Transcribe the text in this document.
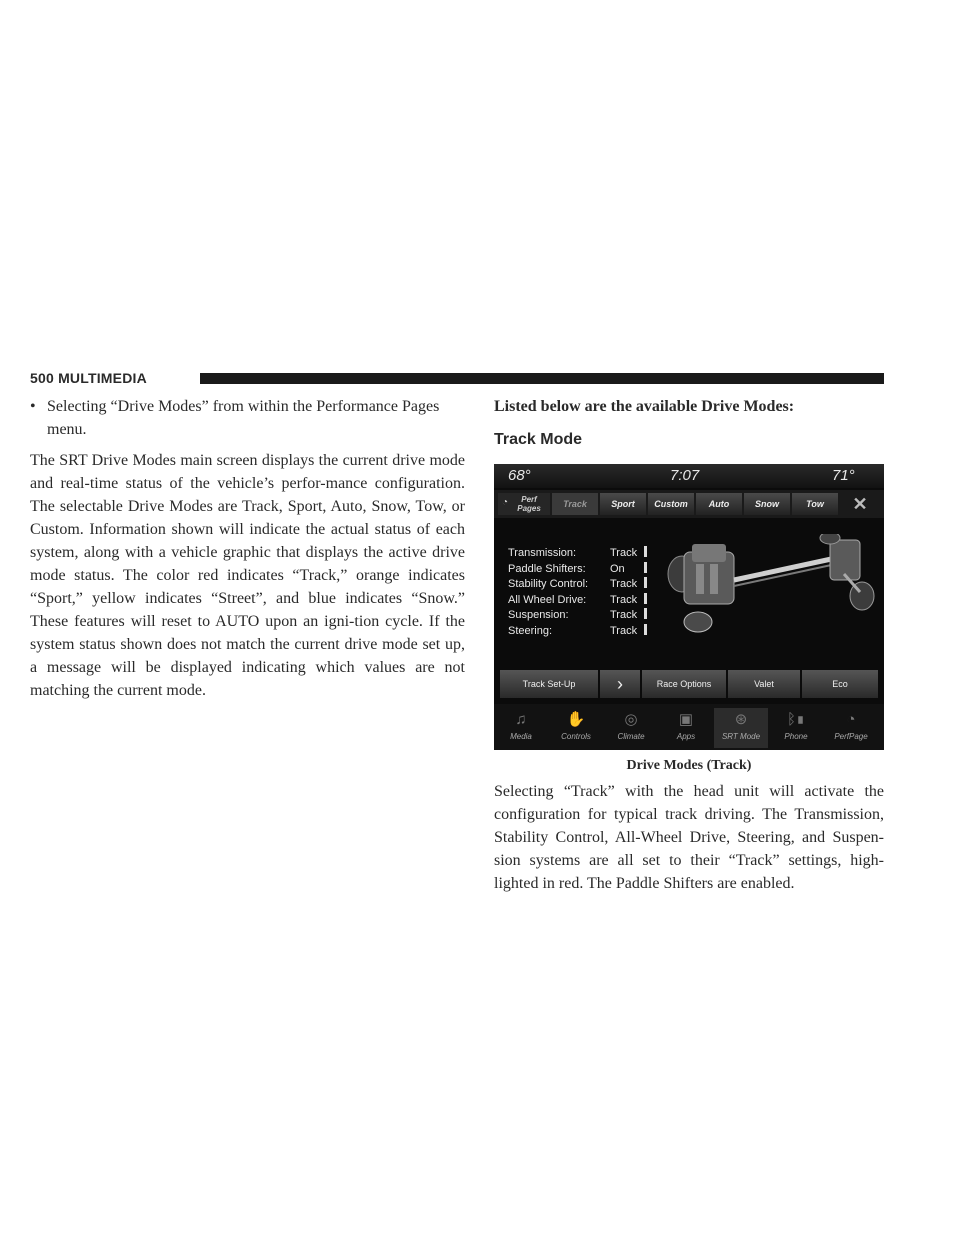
500 MULTIMEDIA

• Selecting “Drive Modes” from within the Performance Pages menu.

The SRT Drive Modes main screen displays the current drive mode and real-time status of the vehicle’s perfor-mance configuration. The selectable Drive Modes are Track, Sport, Auto, Snow, Tow, or Custom. Information shown will indicate the actual status of each system, along with a vehicle graphic that displays the active drive mode status. The color red indicates “Track,” orange indicates “Sport,” yellow indicates “Street”, and blue indicates “Snow.” These features will reset to AUTO upon an igni-tion cycle. If the system status shown does not match the current drive mode set up, a message will be displayed indicating which values are not matching the current mode.

Listed below are the available Drive Modes:

Track Mode

68°	7:07	71°
◔ Perf
Pages	Track	Sport	Custom	Auto	Snow	Tow	✕
Transmission:	Track
Paddle Shifters: On
Stability Control: Track
All Wheel Drive: Track
Suspension:	Track
Steering:	Track
Track Set-Up	›	Race Options	Valet	Eco
♫
Media
✋
Controls
◎
Climate
▣
Apps
⊛
SRT Mode
ᛒ▮
Phone
◔
PerfPage
Drive Modes (Track)

Selecting “Track” with the head unit will activate the configuration for typical track driving. The Transmission, Stability Control, All-Wheel Drive, Steering, and Suspen-sion systems are all set to their “Track” settings, high-lighted in red. The Paddle Shifters are enabled.
